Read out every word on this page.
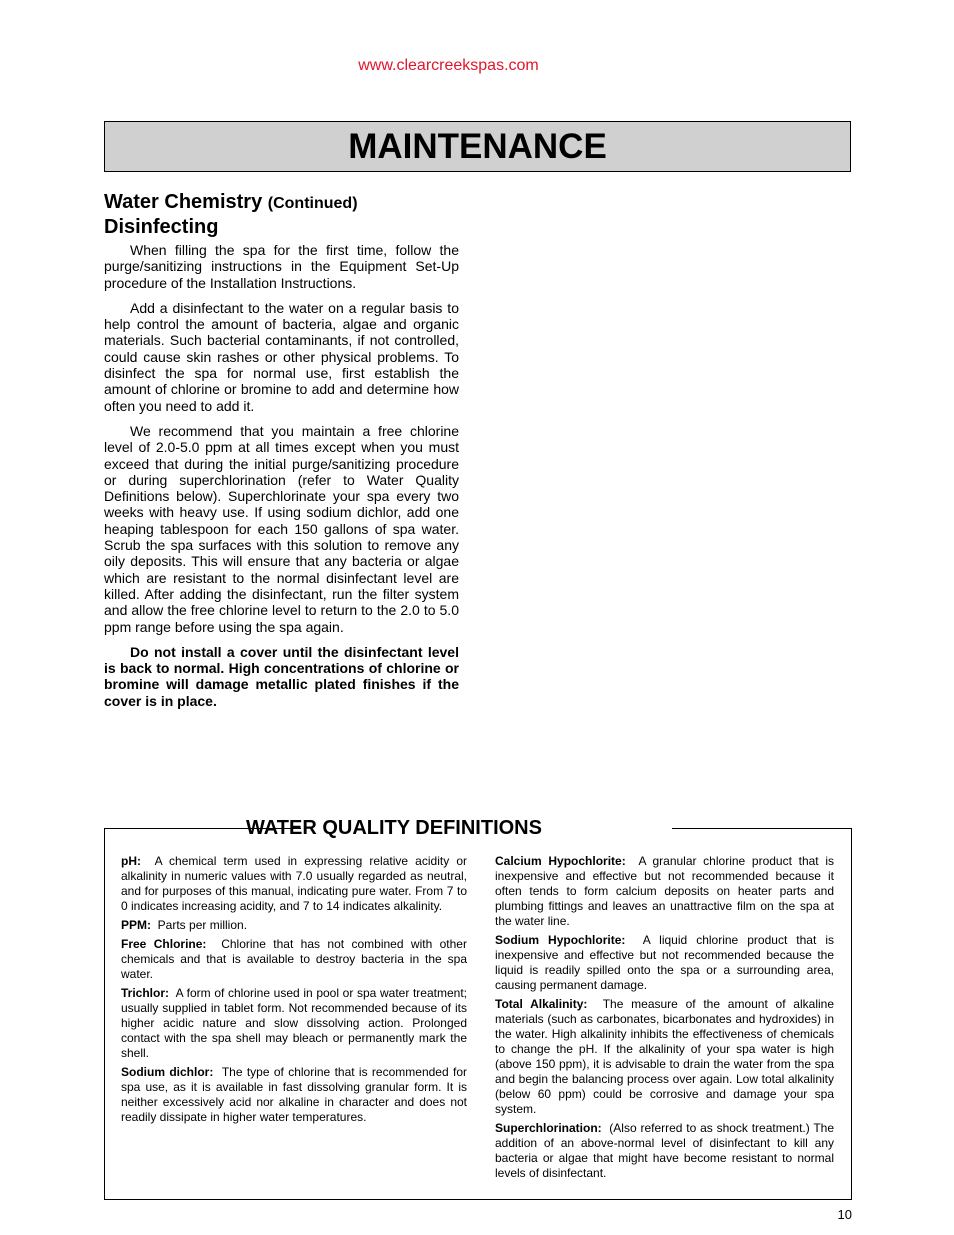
www.clearcreekspas.com
MAINTENANCE
Water Chemistry (Continued)
Disinfecting

When filling the spa for the first time, follow the purge/sanitizing instructions in the Equipment Set-Up procedure of the Installation Instructions.

Add a disinfectant to the water on a regular basis to help control the amount of bacteria, algae and organic materials. Such bacterial contaminants, if not controlled, could cause skin rashes or other physical problems. To disinfect the spa for normal use, first establish the amount of chlorine or bromine to add and determine how often you need to add it.

We recommend that you maintain a free chlorine level of 2.0-5.0 ppm at all times except when you must exceed that during the initial purge/sanitizing procedure or during superchlorination (refer to Water Quality Definitions below). Superchlorinate your spa every two weeks with heavy use. If using sodium dichlor, add one heaping tablespoon for each 150 gallons of spa water. Scrub the spa surfaces with this solution to remove any oily deposits. This will ensure that any bacteria or algae which are resistant to the normal disinfectant level are killed. After adding the disinfectant, run the filter system and allow the free chlorine level to return to the 2.0 to 5.0 ppm range before using the spa again.

Do not install a cover until the disinfectant level is back to normal. High concentrations of chlorine or bromine will damage metallic plated finishes if the cover is in place.

WATER QUALITY DEFINITIONS

pH: A chemical term used in expressing relative acidity or alkalinity in numeric values with 7.0 usually regarded as neutral, and for purposes of this manual, indicating pure water. From 7 to 0 indicates increasing acidity, and 7 to 14 indicates alkalinity.

PPM: Parts per million.

Free Chlorine: Chlorine that has not combined with other chemicals and that is available to destroy bacteria in the spa water.

Trichlor: A form of chlorine used in pool or spa water treatment; usually supplied in tablet form. Not recommended because of its higher acidic nature and slow dissolving action. Prolonged contact with the spa shell may bleach or permanently mark the shell.

Sodium dichlor: The type of chlorine that is recommended for spa use, as it is available in fast dissolving granular form. It is neither excessively acid nor alkaline in character and does not readily dissipate in higher water temperatures.

Calcium Hypochlorite: A granular chlorine product that is inexpensive and effective but not recommended because it often tends to form calcium deposits on heater parts and plumbing fittings and leaves an unattractive film on the spa at the water line.

Sodium Hypochlorite: A liquid chlorine product that is inexpensive and effective but not recommended because the liquid is readily spilled onto the spa or a surrounding area, causing permanent damage.

Total Alkalinity: The measure of the amount of alkaline materials (such as carbonates, bicarbonates and hydroxides) in the water. High alkalinity inhibits the effectiveness of chemicals to change the pH. If the alkalinity of your spa water is high (above 150 ppm), it is advisable to drain the water from the spa and begin the balancing process over again. Low total alkalinity (below 60 ppm) could be corrosive and damage your spa system.

Superchlorination: (Also referred to as shock treatment.) The addition of an above-normal level of disinfectant to kill any bacteria or algae that might have become resistant to normal levels of disinfectant.

10
